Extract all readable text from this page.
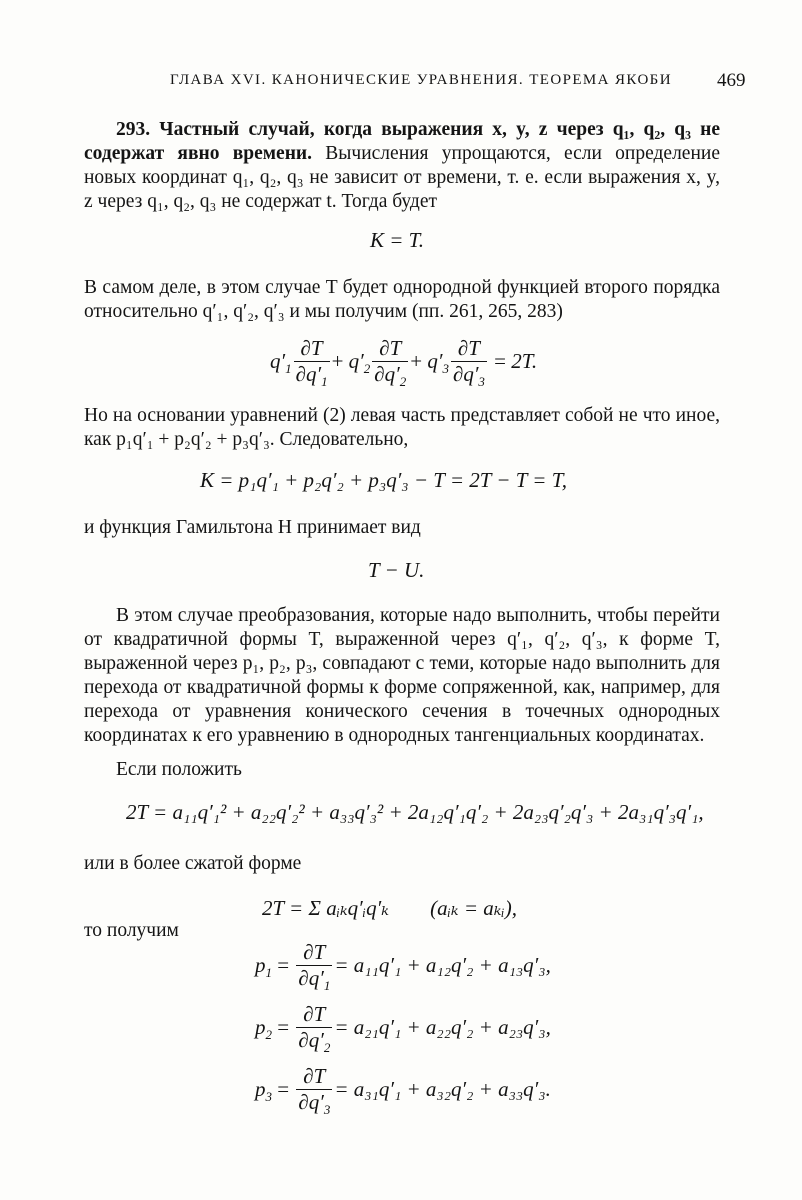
ГЛАВА XVI. КАНОНИЧЕСКИЕ УРАВНЕНИЯ. ТЕОРЕМА ЯКОБИ	469

293. Частный случай, когда выражения x, y, z через q₁, q₂, q₃ не содержат явно времени. Вычисления упрощаются, если определение новых координат q₁, q₂, q₃ не зависит от времени, т. е. если выражения x, y, z через q₁, q₂, q₃ не содержат t. Тогда будет

K = T.

В самом деле, в этом случае T будет однородной функцией второго порядка относительно q′₁, q′₂, q′₃ и мы получим (пп. 261, 265, 283)

$q'_1 \frac{\partial T}{\partial q'_1} + q'_2 \frac{\partial T}{\partial q'_2} + q'_3 \frac{\partial T}{\partial q'_3} = 2T$.

Но на основании уравнений (2) левая часть представляет собой не что иное, как p₁q′₁ + p₂q′₂ + p₃q′₃. Следовательно,

K = p₁q′₁ + p₂q′₂ + p₃q′₃ − T = 2T − T = T,

и функция Гамильтона H принимает вид

T − U.

В этом случае преобразования, которые надо выполнить, чтобы перейти от квадратичной формы T, выраженной через q′₁, q′₂, q′₃, к форме T, выраженной через p₁, p₂, p₃, совпадают с теми, которые надо выполнить для перехода от квадратичной формы к форме сопряженной, как, например, для перехода от уравнения конического сечения в точечных однородных координатах к его уравнению в однородных тангенциальных координатах.

Если положить

2T = a₁₁q′₁² + a₂₂q′₂² + a₃₃q′₃² + 2a₁₂q′₁q′₂ + 2a₂₃q′₂q′₃ + 2a₃₁q′₃q′₁,

или в более сжатой форме

2T = Σ aᵢₖq′ᵢq′ₖ (aᵢₖ = aₖᵢ),
то получим
$p_1 = \frac{\partial T}{\partial q'_1} = a_{11}q'_1 + a_{12}q'_2 + a_{13}q'_3$,
$p_2 = \frac{\partial T}{\partial q'_2} = a_{21}q'_1 + a_{22}q'_2 + a_{23}q'_3$,
$p_3 = \frac{\partial T}{\partial q'_3} = a_{31}q'_1 + a_{32}q'_2 + a_{33}q'_3$.
